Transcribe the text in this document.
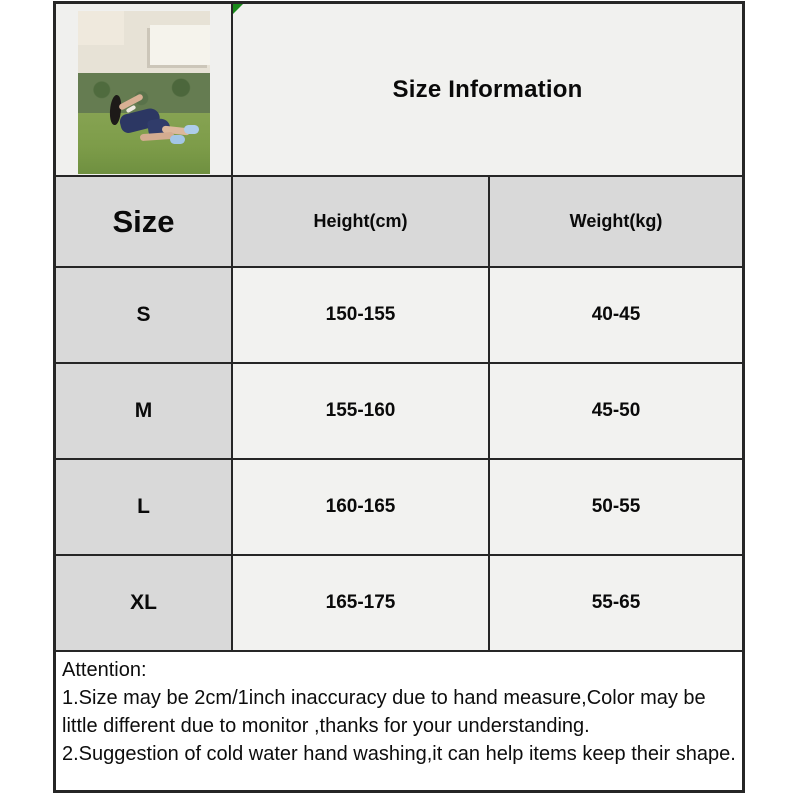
Size Information
Size	Height(cm)	Weight(kg)
S	150-155	40-45
M	155-160	45-50
L	160-165	50-55
XL	165-175	55-65
Attention:
1.Size may be 2cm/1inch inaccuracy due to hand measure,Color may be little different due to monitor ,thanks for your understanding.
2.Suggestion of cold water hand washing,it can help items keep their shape.
